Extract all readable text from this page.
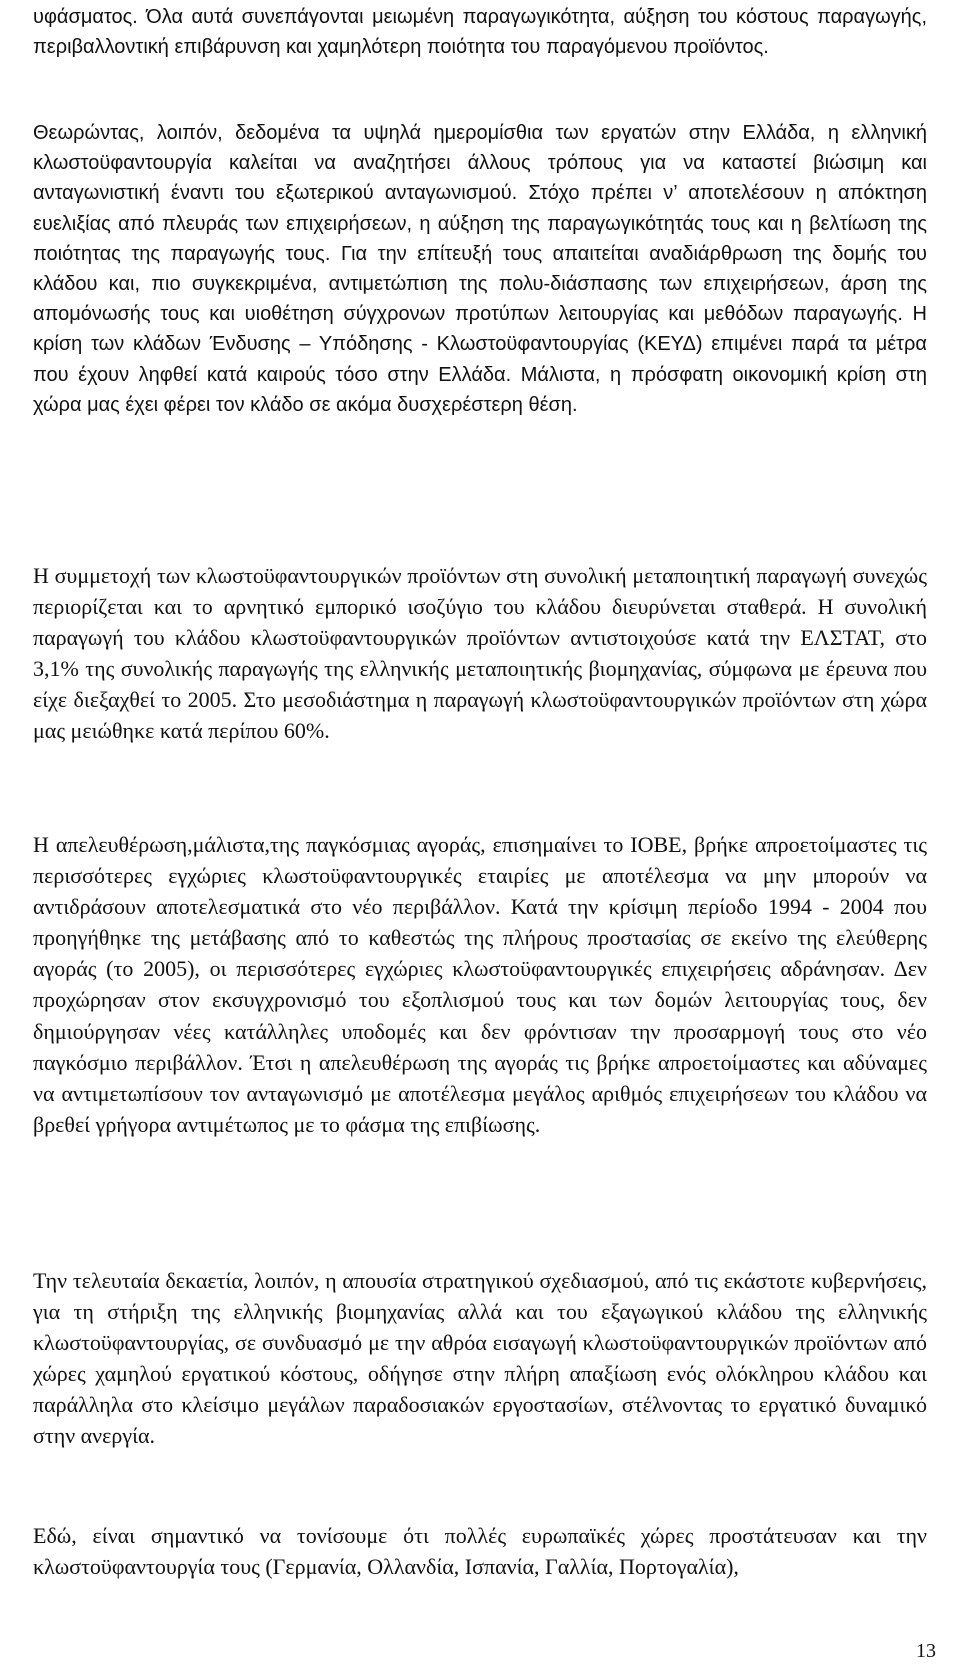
υφάσματος. Όλα αυτά συνεπάγονται μειωμένη παραγωγικότητα, αύξηση του κόστους παραγωγής, περιβαλλοντική επιβάρυνση και χαμηλότερη ποιότητα του παραγόμενου προϊόντος.

Θεωρώντας, λοιπόν, δεδομένα τα υψηλά ημερομίσθια των εργατών στην Ελλάδα, η ελληνική κλωστοϋφαντουργία καλείται να αναζητήσει άλλους τρόπους για να καταστεί βιώσιμη και ανταγωνιστική έναντι του εξωτερικού ανταγωνισμού. Στόχο πρέπει ν’ αποτελέσουν η απόκτηση ευελιξίας από πλευράς των επιχειρήσεων, η αύξηση της παραγωγικότητάς τους και η βελτίωση της ποιότητας της παραγωγής τους. Για την επίτευξή τους απαιτείται αναδιάρθρωση της δομής του κλάδου και, πιο συγκεκριμένα, αντιμετώπιση της πολυ-διάσπασης των επιχειρήσεων, άρση της απομόνωσής τους και υιοθέτηση σύγχρονων προτύπων λειτουργίας και μεθόδων παραγωγής. Η κρίση των κλάδων Ένδυσης – Υπόδησης - Κλωστοϋφαντουργίας (ΚΕΥΔ) επιμένει παρά τα μέτρα που έχουν ληφθεί κατά καιρούς τόσο στην Ελλάδα. Μάλιστα, η πρόσφατη οικονομική κρίση στη χώρα μας έχει φέρει τον κλάδο σε ακόμα δυσχερέστερη θέση.

Η συμμετοχή των κλωστοϋφαντουργικών προϊόντων στη συνολική μεταποιητική παραγωγή συνεχώς περιορίζεται και το αρνητικό εμπορικό ισοζύγιο του κλάδου διευρύνεται σταθερά. Η συνολική παραγωγή του κλάδου κλωστοϋφαντουργικών προϊόντων αντιστοιχούσε κατά την ΕΛΣΤΑΤ, στο 3,1% της συνολικής παραγωγής της ελληνικής μεταποιητικής βιομηχανίας, σύμφωνα με έρευνα που είχε διεξαχθεί το 2005. Στο μεσοδιάστημα η παραγωγή κλωστοϋφαντουργικών προϊόντων στη χώρα μας μειώθηκε κατά περίπου 60%.

Η απελευθέρωση,μάλιστα,της παγκόσμιας αγοράς, επισημαίνει το ΙΟΒΕ, βρήκε απροετοίμαστες τις περισσότερες εγχώριες κλωστοϋφαντουργικές εταιρίες με αποτέλεσμα να μην μπορούν να αντιδράσουν αποτελεσματικά στο νέο περιβάλλον. Κατά την κρίσιμη περίοδο 1994 - 2004 που προηγήθηκε της μετάβασης από το καθεστώς της πλήρους προστασίας σε εκείνο της ελεύθερης αγοράς (το 2005), οι περισσότερες εγχώριες κλωστοϋφαντουργικές επιχειρήσεις αδράνησαν. Δεν προχώρησαν στον εκσυγχρονισμό του εξοπλισμού τους και των δομών λειτουργίας τους, δεν δημιούργησαν νέες κατάλληλες υποδομές και δεν φρόντισαν την προσαρμογή τους στο νέο παγκόσμιο περιβάλλον. Έτσι η απελευθέρωση της αγοράς τις βρήκε απροετοίμαστες και αδύναμες να αντιμετωπίσουν τον ανταγωνισμό με αποτέλεσμα μεγάλος αριθμός επιχειρήσεων του κλάδου να βρεθεί γρήγορα αντιμέτωπος με το φάσμα της επιβίωσης.

Την τελευταία δεκαετία, λοιπόν, η απουσία στρατηγικού σχεδιασμού, από τις εκάστοτε κυβερνήσεις, για τη στήριξη της ελληνικής βιομηχανίας αλλά και του εξαγωγικού κλάδου της ελληνικής κλωστοϋφαντουργίας, σε συνδυασμό με την αθρόα εισαγωγή κλωστοϋφαντουργικών προϊόντων από χώρες χαμηλού εργατικού κόστους, οδήγησε στην πλήρη απαξίωση ενός ολόκληρου κλάδου και παράλληλα στο κλείσιμο μεγάλων παραδοσιακών εργοστασίων, στέλνοντας το εργατικό δυναμικό στην ανεργία.

Εδώ, είναι σημαντικό να τονίσουμε ότι πολλές ευρωπαϊκές χώρες προστάτευσαν και την κλωστοϋφαντουργία τους (Γερμανία, Ολλανδία, Ισπανία, Γαλλία, Πορτογαλία),

13
